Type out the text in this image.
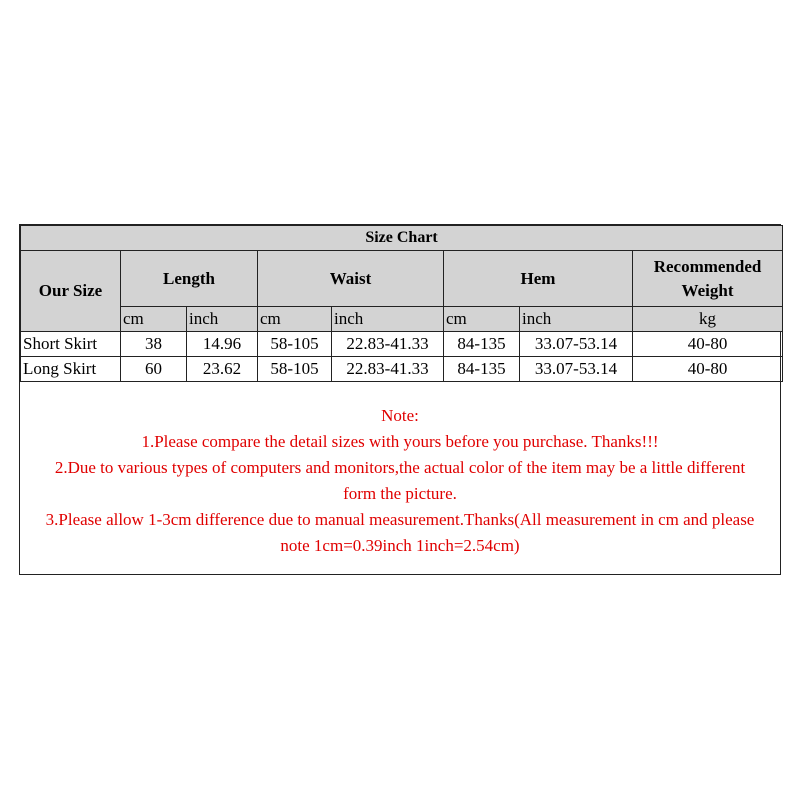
Size Chart							
Our Size	Length		Waist		Hem		Recommended Weight
	cm	inch	cm	inch	cm	inch	kg
Short Skirt	38	14.96	58-105	22.83-41.33	84-135	33.07-53.14	40-80
Long Skirt	60	23.62	58-105	22.83-41.33	84-135	33.07-53.14	40-80

Note:

1.Please compare the detail sizes with yours before you purchase. Thanks!!!

2.Due to various types of computers and monitors,the actual color of the item may be a little different form the picture.

3.Please allow 1-3cm difference due to manual measurement.Thanks(All measurement in cm and please note 1cm=0.39inch 1inch=2.54cm)
